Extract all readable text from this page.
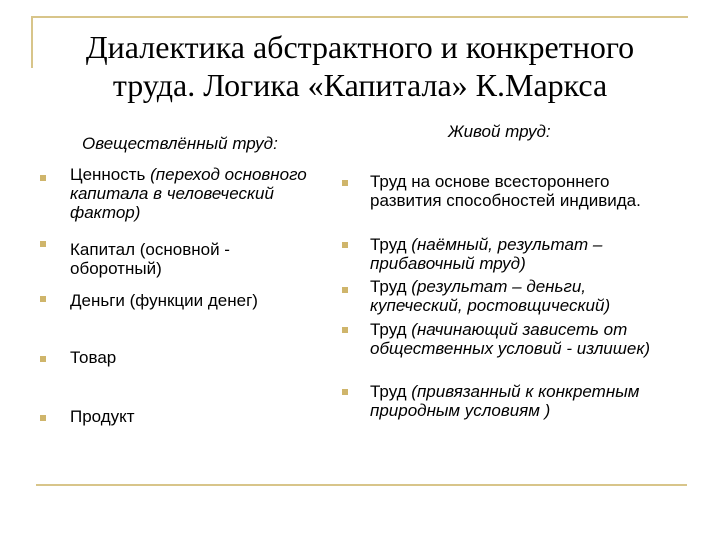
Диалектика абстрактного и конкретного
труда. Логика «Капитала» К.Маркса
Овеществлённый труд:
Ценность (переход основного капитала в человеческий фактор)
Капитал (основной - оборотный)
Деньги (функции денег)
Товар
Продукт
Живой труд:
Труд на основе всестороннего развития способностей индивида.
Труд (наёмный, результат – прибавочный труд)
Труд (результат – деньги, купеческий, ростовщический)
Труд (начинающий зависеть от общественных условий - излишек)
Труд (привязанный к конкретным природным условиям )
